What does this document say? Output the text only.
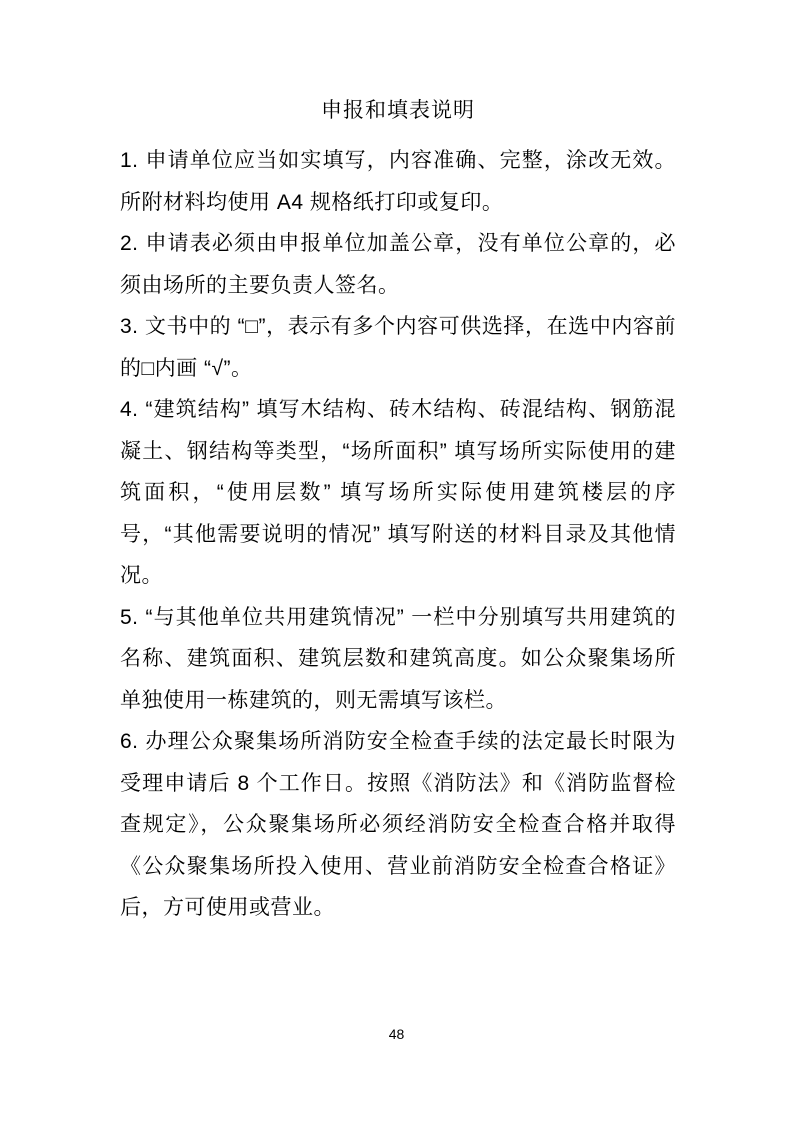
申报和填表说明

1. 申请单位应当如实填写，内容准确、完整，涂改无效。所附材料均使用 A4 规格纸打印或复印。

2. 申请表必须由申报单位加盖公章，没有单位公章的，必须由场所的主要负责人签名。

3. 文书中的 “□”，表示有多个内容可供选择，在选中内容前的□内画 “√”。

4. “建筑结构” 填写木结构、砖木结构、砖混结构、钢筋混凝土、钢结构等类型，“场所面积” 填写场所实际使用的建筑面积，“使用层数” 填写场所实际使用建筑楼层的序号，“其他需要说明的情况” 填写附送的材料目录及其他情况。

5. “与其他单位共用建筑情况” 一栏中分别填写共用建筑的名称、建筑面积、建筑层数和建筑高度。如公众聚集场所单独使用一栋建筑的，则无需填写该栏。

6. 办理公众聚集场所消防安全检查手续的法定最长时限为受理申请后 8 个工作日。按照《消防法》和《消防监督检查规定》，公众聚集场所必须经消防安全检查合格并取得《公众聚集场所投入使用、营业前消防安全检查合格证》后，方可使用或营业。

48
